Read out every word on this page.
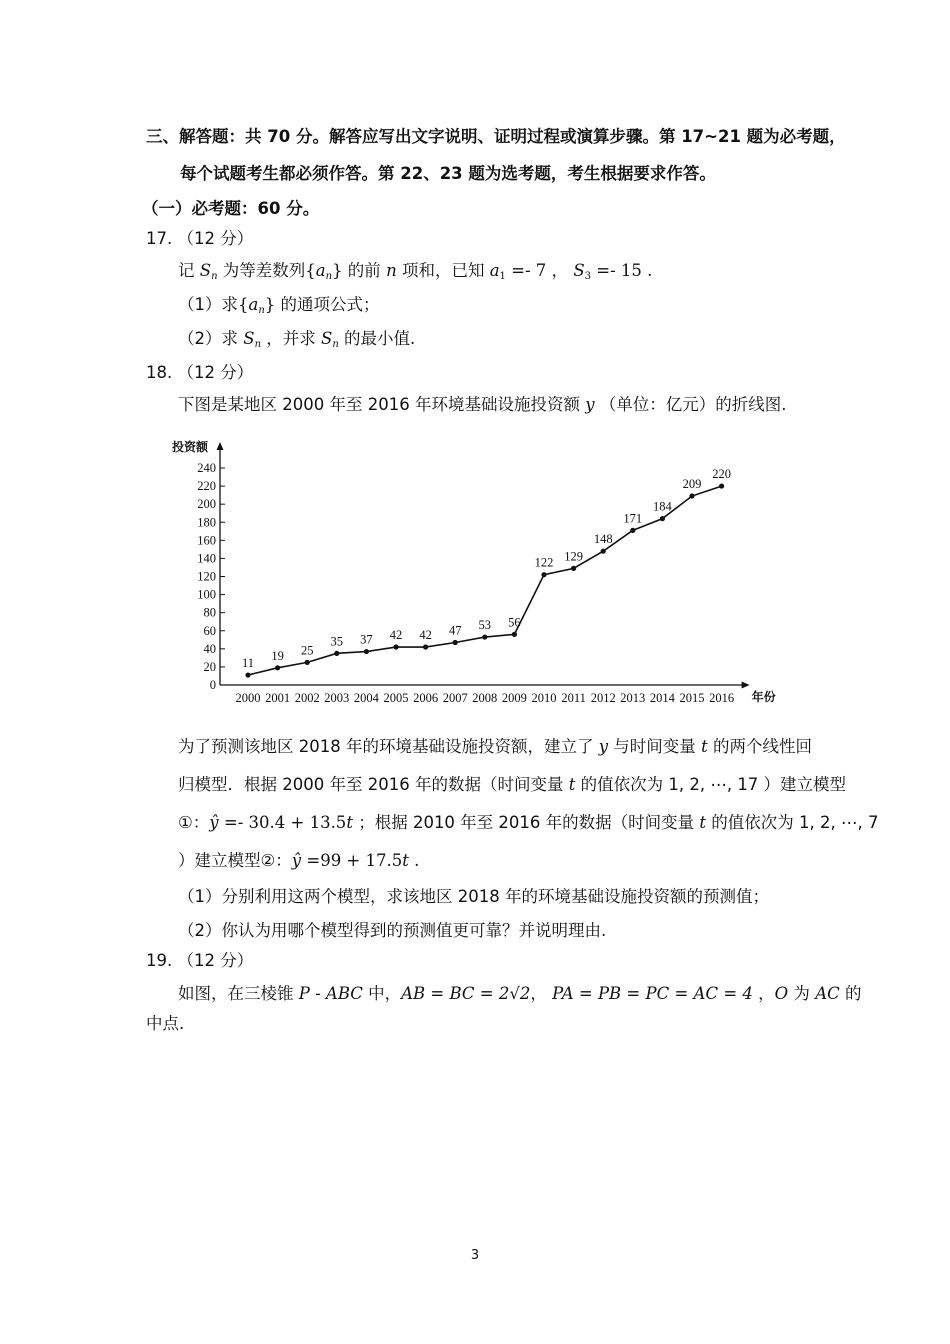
三、解答题：共 70 分。解答应写出文字说明、证明过程或演算步骤。第 17~21 题为必考题，
每个试题考生都必须作答。第 22、23 题为选考题，考生根据要求作答。
（一）必考题：60 分。
17. （12 分）
记 $S_n$ 为等差数列$\{a_n\}$ 的前 n 项和，已知 $a_1 =- 7$ ， $S_3 =- 15$ .
（1）求$\{a_n\}$ 的通项公式；
（2）求 $S_n$ ，并求 $S_n$ 的最小值.
18. （12 分）
下图是某地区 2000 年至 2016 年环境基础设施投资额 y （单位：亿元）的折线图.
投资额
年份
0
20
40
60
80
100
120
140
160
180
200
220
240
2000 2001 2002 2003 2004 2005 2006 2007 2008 2009 2010 2011 2012 2013 2014 2015 2016
11
19 25
35 37 42 42 47 53 56
122 129
148
171
184
209
220
为了预测该地区 2018 年的环境基础设施投资额，建立了 y 与时间变量 t 的两个线性回
归模型．根据 2000 年至 2016 年的数据（时间变量 t 的值依次为 1, 2, ⋯, 17 ）建立模型
①：ŷ =- 30.4 + 13.5t ；根据 2010 年至 2016 年的数据（时间变量 t 的值依次为 1, 2, ⋯, 7
）建立模型②：ŷ =99 + 17.5t .
（1）分别利用这两个模型，求该地区 2018 年的环境基础设施投资额的预测值；
（2）你认为用哪个模型得到的预测值更可靠？并说明理由.
19. （12 分）
如图，在三棱锥 P - ABC 中，AB = BC = 2√2， PA = PB = PC = AC = 4 ，O 为 AC 的
中点.
3
